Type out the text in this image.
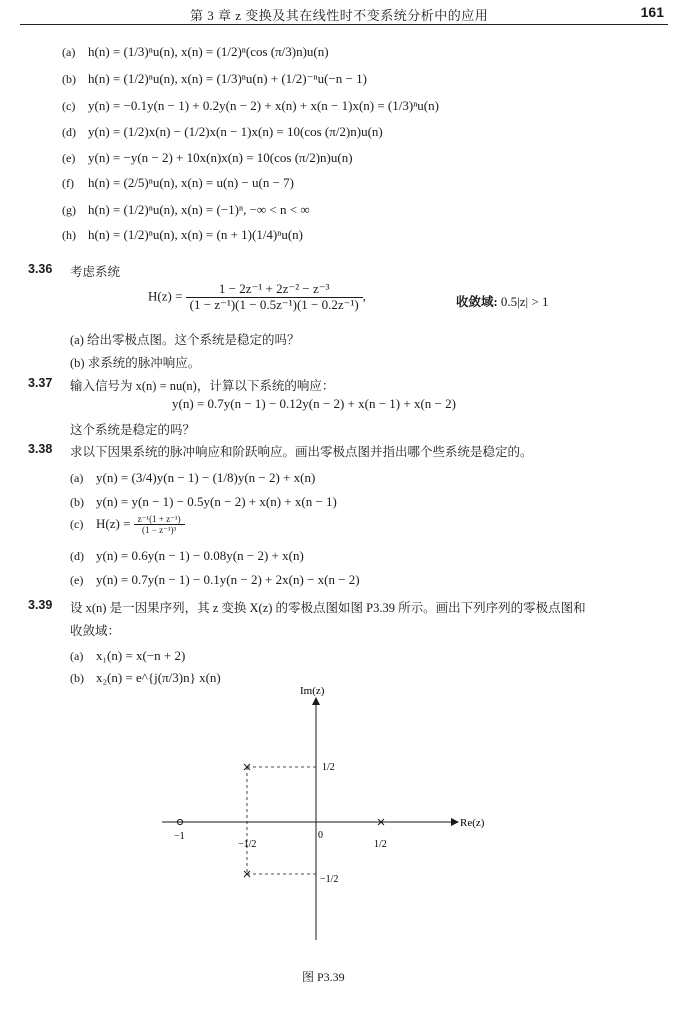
第 3 章 z 变换及其在线性时不变系统分析中的应用	161
(a) h(n) = (1/3)ⁿu(n), x(n) = (1/2)ⁿ(cos (π/3)n)u(n)
(b) h(n) = (1/2)ⁿu(n), x(n) = (1/3)ⁿu(n) + (1/2)⁻ⁿu(−n − 1)
(c) y(n) = −0.1y(n − 1) + 0.2y(n − 2) + x(n) + x(n − 1)x(n) = (1/3)ⁿu(n)
(d) y(n) = (1/2)x(n) − (1/2)x(n − 1)x(n) = 10(cos (π/2)n)u(n)
(e) y(n) = −y(n − 2) + 10x(n)x(n) = 10(cos (π/2)n)u(n)
(f) h(n) = (2/5)ⁿu(n), x(n) = u(n) − u(n − 7)
(g) h(n) = (1/2)ⁿu(n), x(n) = (−1)ⁿ, −∞ < n < ∞
(h) h(n) = (1/2)ⁿu(n), x(n) = (n + 1)(1/4)ⁿu(n)
3.36 考虑系统
$H(z) = \frac{\text{1 − 2z⁻¹ + 2z⁻² − z⁻³}}{\text{(1 − z⁻¹)(1 − 0.5z⁻¹)(1 − 0.2z⁻¹)}}$ ,	收敛域: 0.5|z| > 1
(a) 给出零极点图。这个系统是稳定的吗？
(b) 求系统的脉冲响应。
3.37 输入信号为 x(n) = nu(n)，计算以下系统的响应：
y(n) = 0.7y(n − 1) − 0.12y(n − 2) + x(n − 1) + x(n − 2)
这个系统是稳定的吗？
3.38 求以下因果系统的脉冲响应和阶跃响应。画出零极点图并指出哪个些系统是稳定的。
(a) y(n) = (3/4)y(n − 1) − (1/8)y(n − 2) + x(n)
(b) y(n) = y(n − 1) − 0.5y(n − 2) + x(n) + x(n − 1)
(c) $H(z) = \frac{\text{z⁻¹(1 + z⁻¹)}}{\text{(1 − z⁻¹)³}}$
(d) y(n) = 0.6y(n − 1) − 0.08y(n − 2) + x(n)
(e) y(n) = 0.7y(n − 1) − 0.1y(n − 2) + 2x(n) − x(n − 2)
3.39 设 x(n) 是一因果序列，其 z 变换 X(z) 的零极点图如图 P3.39 所示。画出下列序列的零极点图和
收敛域：
(a) x₁(n) = x(−n + 2)
(b) x₂(n) = e^{j(π/3)n} x(n)
Im(z)
Re(z)
0
−1
−1/2	1/2
1/2
−1/2
图 P3.39
